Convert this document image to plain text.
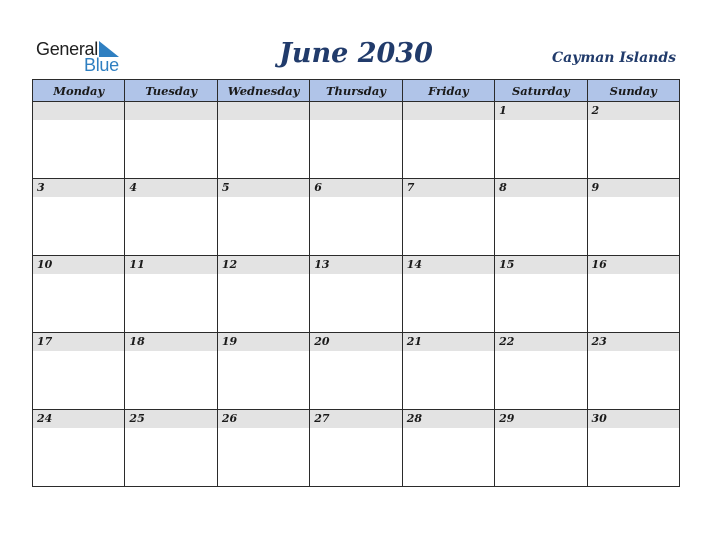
General
Blue	June 2030	Cayman Islands
Monday	Tuesday	Wednesday	Thursday	Friday	Saturday	Sunday

					1	2

3	4	5	6	7	8	9

10	11	12	13	14	15	16

17	18	19	20	21	22	23

24	25	26	27	28	29	30
